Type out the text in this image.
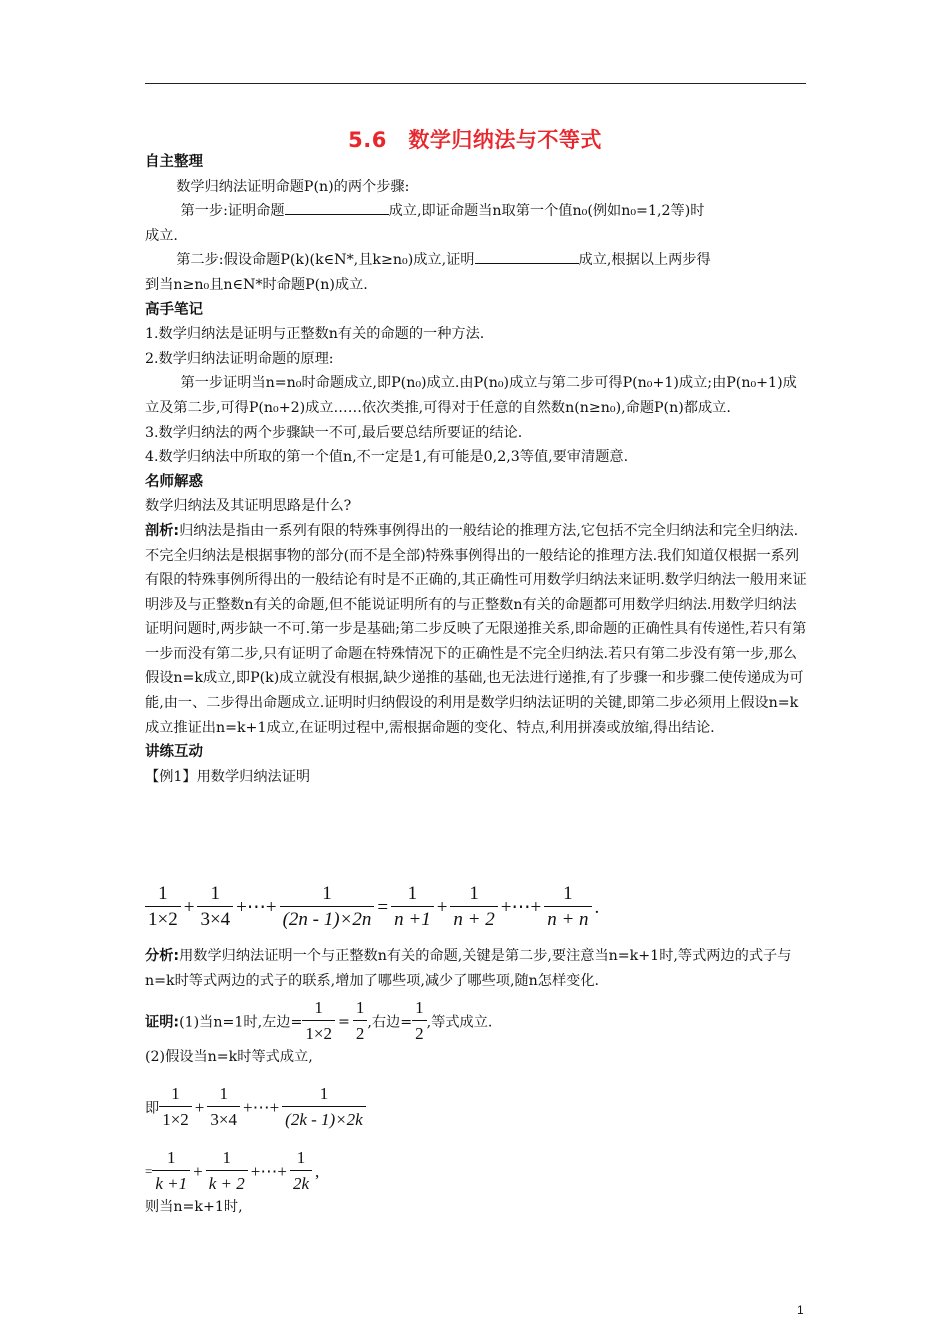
5.6　数学归纳法与不等式

自主整理

数学归纳法证明命题P(n)的两个步骤:

第一步:证明命题	成立,即证命题当n取第一个值n₀(例如n₀=1,2等)时

成立.

第二步:假设命题P(k)(k∈N*,且k≥n₀)成立,证明	成立,根据以上两步得

到当n≥n₀且n∈N*时命题P(n)成立.

高手笔记

1.数学归纳法是证明与正整数n有关的命题的一种方法.

2.数学归纳法证明命题的原理:

第一步证明当n=n₀时命题成立,即P(n₀)成立.由P(n₀)成立与第二步可得P(n₀+1)成立;由P(n₀+1)成立及第二步,可得P(n₀+2)成立……依次类推,可得对于任意的自然数n(n≥n₀),命题P(n)都成立.

3.数学归纳法的两个步骤缺一不可,最后要总结所要证的结论.

4.数学归纳法中所取的第一个值n,不一定是1,有可能是0,2,3等值,要审清题意.

名师解惑

数学归纳法及其证明思路是什么?

剖析:归纳法是指由一系列有限的特殊事例得出的一般结论的推理方法,它包括不完全归纳法和完全归纳法.不完全归纳法是根据事物的部分(而不是全部)特殊事例得出的一般结论的推理方法.我们知道仅根据一系列有限的特殊事例所得出的一般结论有时是不正确的,其正确性可用数学归纳法来证明.数学归纳法一般用来证明涉及与正整数n有关的命题,但不能说证明所有的与正整数n有关的命题都可用数学归纳法.用数学归纳法证明问题时,两步缺一不可.第一步是基础;第二步反映了无限递推关系,即命题的正确性具有传递性,若只有第一步而没有第二步,只有证明了命题在特殊情况下的正确性是不完全归纳法.若只有第二步没有第一步,那么假设n=k成立,即P(k)成立就没有根据,缺少递推的基础,也无法进行递推,有了步骤一和步骤二使传递成为可能,由一、二步得出命题成立.证明时归纳假设的利用是数学归纳法证明的关键,即第二步必须用上假设n=k成立推证出n=k+1成立,在证明过程中,需根据命题的变化、特点,利用拼凑或放缩,得出结论.

讲练互动

【例1】用数学归纳法证明

$\frac{1}{1\times 2} + \frac{1}{3\times 4}$ +⋯+ $\frac{1}{(2n - 1)\times 2n} = \frac{1}{n +1} + \frac{1}{n + 2}$ +⋯+ $\frac{1}{n + n}$ .

分析:用数学归纳法证明一个与正整数n有关的命题,关键是第二步,要注意当n=k+1时,等式两边的式子与n=k时等式两边的式子的联系,增加了哪些项,减少了哪些项,随n怎样变化.

证明:(1)当n=1时,左边= $\frac{1}{1\times 2} = \frac{1}{2}$ ,右边= $\frac{1}{2}$ ,等式成立.
(2)假设当n=k时等式成立,
即 $\frac{1}{1\times 2} + \frac{1}{3\times 4}$ +⋯+ $\frac{1}{(2k - 1)\times 2k}$
= $\frac{1}{k +1} + \frac{1}{k + 2}$ +⋯+ $\frac{1}{2k}$ ,
则当n=k+1时,
1
